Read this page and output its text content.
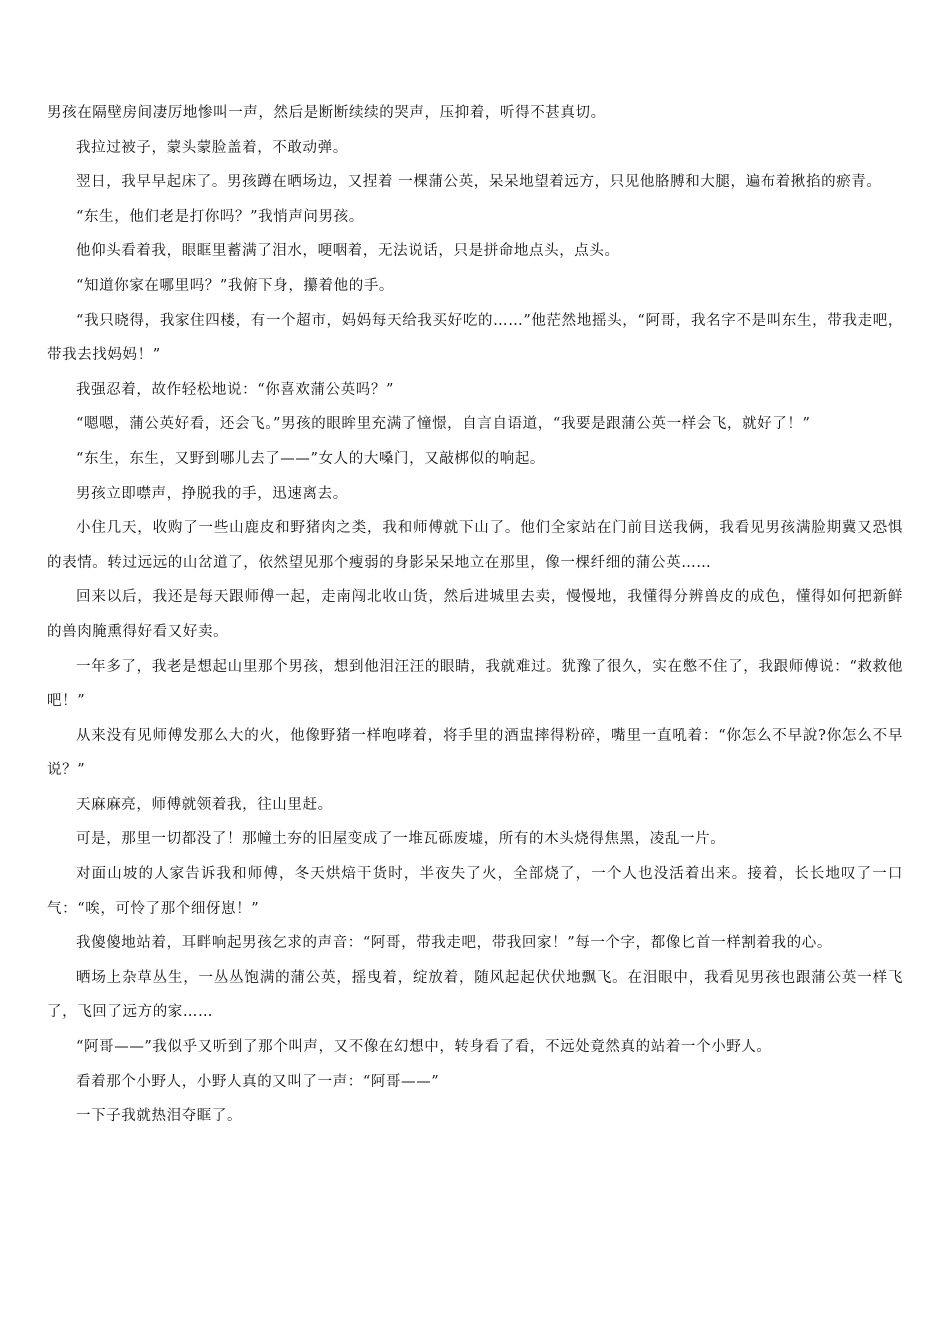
男孩在隔壁房间凄厉地惨叫一声，然后是断断续续的哭声，压抑着，听得不甚真切。

我拉过被子，蒙头蒙脸盖着，不敢动弹。

翌日，我早早起床了。男孩蹲在晒场边，又捏着 一棵蒲公英，呆呆地望着远方，只见他胳膊和大腿，遍布着揪掐的瘀青。

“东生，他们老是打你吗？”我悄声问男孩。

他仰头看着我，眼眶里蓄满了泪水，哽咽着，无法说话，只是拼命地点头，点头。

“知道你家在哪里吗？”我俯下身，攥着他的手。

“我只晓得，我家住四楼，有一个超市，妈妈每天给我买好吃的……”他茫然地摇头，“阿哥，我名字不是叫东生，带我走吧，带我去找妈妈！”

我强忍着，故作轻松地说：“你喜欢蒲公英吗？”

“嗯嗯，蒲公英好看，还会飞。”男孩的眼眸里充满了憧憬，自言自语道，“我要是跟蒲公英一样会飞，就好了！”

“东生，东生，又野到哪儿去了——”女人的大嗓门，又敲梆似的响起。

男孩立即噤声，挣脱我的手，迅速离去。

小住几天，收购了一些山鹿皮和野猪肉之类，我和师傅就下山了。他们全家站在门前目送我俩，我看见男孩满脸期冀又恐惧的表情。转过远远的山岔道了，依然望见那个瘦弱的身影呆呆地立在那里，像一棵纤细的蒲公英……

回来以后，我还是每天跟师傅一起，走南闯北收山货，然后进城里去卖，慢慢地，我懂得分辨兽皮的成色，懂得如何把新鲜的兽肉腌熏得好看又好卖。

一年多了，我老是想起山里那个男孩，想到他泪汪汪的眼睛，我就难过。犹豫了很久，实在憋不住了，我跟师傅说：“救救他吧！”

从来没有见师傅发那么大的火，他像野猪一样咆哮着，将手里的酒盅摔得粉碎，嘴里一直吼着：“你怎么不早說?你怎么不早说？”

天麻麻亮，师傅就领着我，往山里赶。

可是，那里一切都没了！那幢土夯的旧屋变成了一堆瓦砾废墟，所有的木头烧得焦黑，凌乱一片。

对面山坡的人家告诉我和师傅，冬天烘焙干货时，半夜失了火，全部烧了，一个人也没活着出来。接着，长长地叹了一口气：“唉，可怜了那个细伢崽！”

我傻傻地站着，耳畔响起男孩乞求的声音：“阿哥，带我走吧，带我回家！”每一个字，都像匕首一样割着我的心。

晒场上杂草丛生，一丛丛饱满的蒲公英，摇曳着，绽放着，随风起起伏伏地飘飞。在泪眼中，我看见男孩也跟蒲公英一样飞了，飞回了远方的家……

“阿哥——”我似乎又听到了那个叫声，又不像在幻想中，转身看了看，不远处竟然真的站着一个小野人。

看着那个小野人，小野人真的又叫了一声：“阿哥——”

一下子我就热泪夺眶了。
